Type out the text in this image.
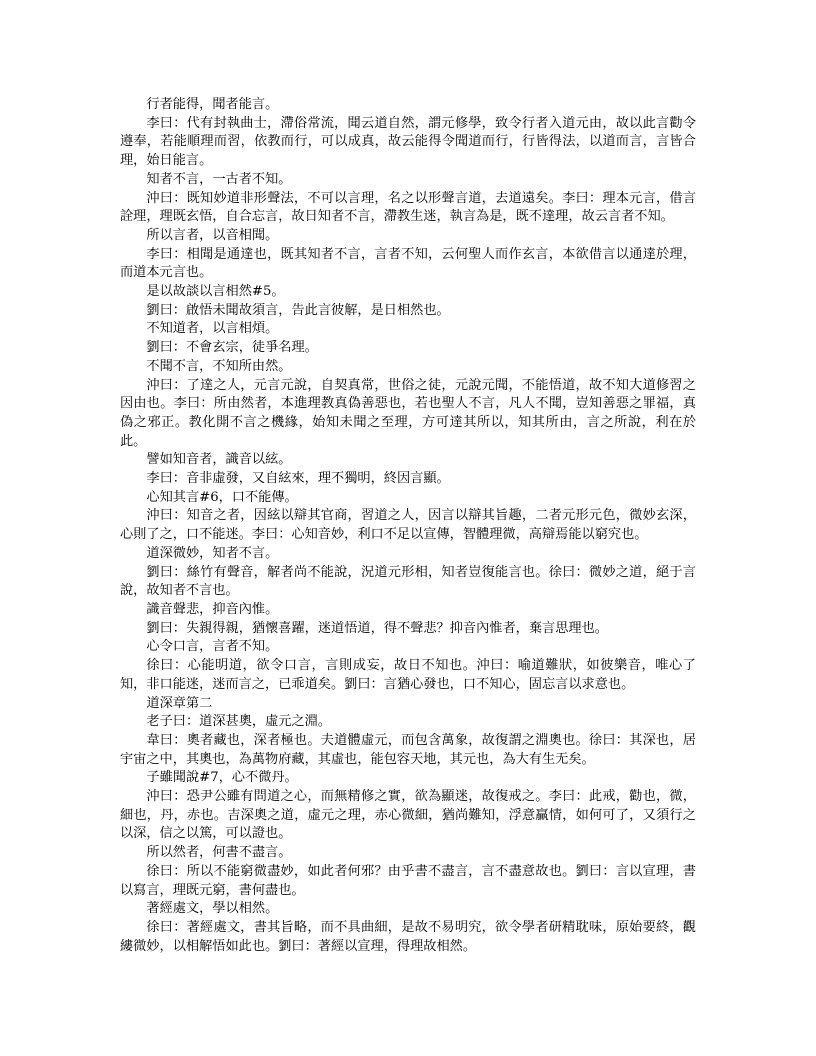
行者能得，聞者能言。

李曰：代有封執曲士，滯俗常流，聞云道自然，謂元修學，致令行者入道元由，故以此言勸令遵奉，若能順理而習，依教而行，可以成真，故云能得令聞道而行，行皆得法，以道而言，言皆合理，始日能言。

知者不言，一古者不知。

沖曰：既知妙道非形聲法，不可以言理，名之以形聲言道，去道遠矣。李曰：理本元言，借言詮理，理既玄悟，自合忘言，故日知者不言，滯教生迷，執言為是，既不達理，故云言者不知。

所以言者，以音相聞。

李曰：相聞是通達也，既其知者不言，言者不知，云何聖人而作玄言，本欲借言以通達於理，而道本元言也。

是以故談以言相然#5。

劉曰：啟悟未聞故須言，告此言彼解，是日相然也。

不知道者，以言相煩。

劉曰：不會玄宗，徒爭名理。

不聞不言，不知所由然。

沖曰：了達之人，元言元說，自契真常，世俗之徒，元說元聞，不能悟道，故不知大道修習之因由也。李曰：所由然者，本進理教真偽善惡也，若也聖人不言，凡人不聞，豈知善惡之罪福，真偽之邪正。教化開不言之機緣，始知未聞之至理，方可達其所以，知其所由，言之所說，利在於此。

譬如知音者，識音以絃。

李曰：音非虛發，又自絃來，理不獨明，終因言顯。

心知其言#6，口不能傳。

沖曰：知音之者，因絃以辯其官商，習道之人，因言以辯其旨趣，二者元形元色，微妙玄深，心則了之，口不能迷。李曰：心知音妙，利口不足以宣傳，智體理微，高辯焉能以窮究也。

道深微妙，知者不言。

劉曰：絲竹有聲音，解者尚不能說，況道元形相，知者豈復能言也。徐曰：微妙之道，絕于言說，故知者不言也。

識音聲悲，抑音內惟。

劉曰：失親得親，猶懷喜躍，迷道悟道，得不聲悲？抑音內惟者，棄言思理也。

心令口言，言者不知。

徐曰：心能明道，欲令口言，言則成妄，故日不知也。沖曰：喻道難狀，如彼樂音，唯心了知，非口能迷，迷而言之，已乖道矣。劉曰：言猶心發也，口不知心，固忘言以求意也。

道深章第二

老子曰：道深甚奧，虛元之淵。

韋曰：奧者藏也，深者極也。夫道體虛元，而包含萬象，故復謂之淵奧也。徐曰：其深也，居宇宙之中，其奧也，為萬物府藏，其虛也，能包容天地，其元也，為大有生无矣。

子雖聞說#7，心不微丹。

沖曰：恐尹公雖有問道之心，而無精修之實，欲為顯迷，故復戒之。李曰：此戒，勸也，微，細也，丹，赤也。吉深奧之道，虛元之理，赤心微細，猶尚難知，浮意贏情，如何可了，又須行之以深，信之以篤，可以證也。

所以然者，何書不盡言。

徐曰：所以不能窮微盡妙，如此者何邪？由乎書不盡言，言不盡意故也。劉曰：言以宣理，書以寫言，理既元窮，書何盡也。

著經處文，學以相然。

徐曰：著經處文，書其旨略，而不具曲細，是故不易明究，欲令學者研精耽味，原始要終，觀縷微妙，以相解悟如此也。劉曰：著經以宣理，得理故相然。
